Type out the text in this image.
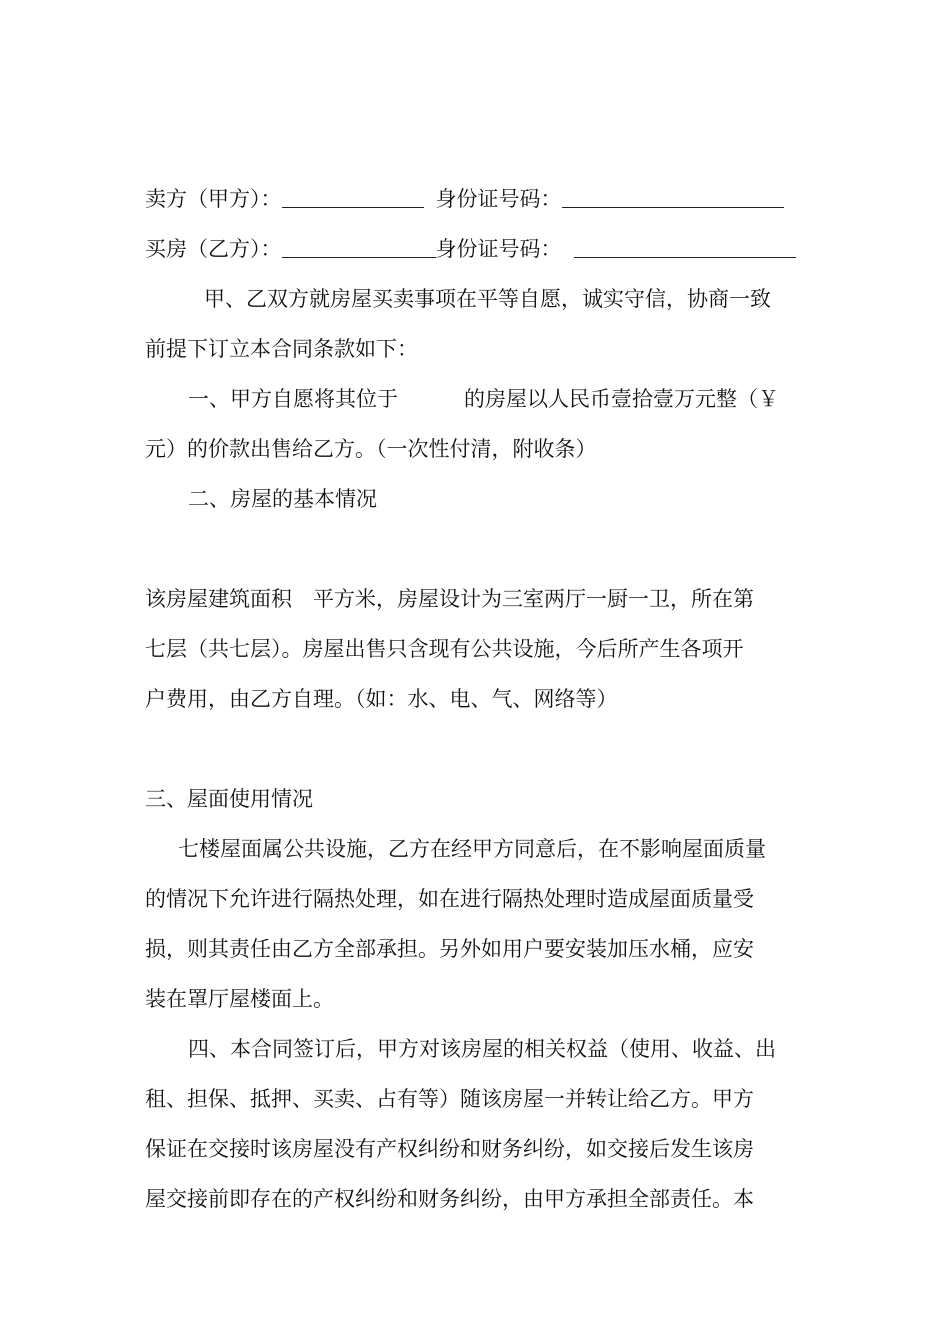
卖方（甲方）：	身份证号码：
买房（乙方）：	身份证号码：
甲、乙双方就房屋买卖事项在平等自愿，诚实守信，协商一致
前提下订立本合同条款如下：
一、甲方自愿将其位于	的房屋以人民币壹拾壹万元整（￥
元）的价款出售给乙方。（一次性付清，附收条）
二、房屋的基本情况
该房屋建筑面积　平方米，房屋设计为三室两厅一厨一卫，所在第
七层（共七层）。房屋出售只含现有公共设施，今后所产生各项开
户费用，由乙方自理。（如：水、电、气、网络等）
三、屋面使用情况
七楼屋面属公共设施，乙方在经甲方同意后，在不影响屋面质量
的情况下允许进行隔热处理，如在进行隔热处理时造成屋面质量受
损，则其责任由乙方全部承担。另外如用户要安装加压水桶，应安
装在罩厅屋楼面上。
四、本合同签订后，甲方对该房屋的相关权益（使用、收益、出
租、担保、抵押、买卖、占有等）随该房屋一并转让给乙方。甲方
保证在交接时该房屋没有产权纠纷和财务纠纷，如交接后发生该房
屋交接前即存在的产权纠纷和财务纠纷，由甲方承担全部责任。本
